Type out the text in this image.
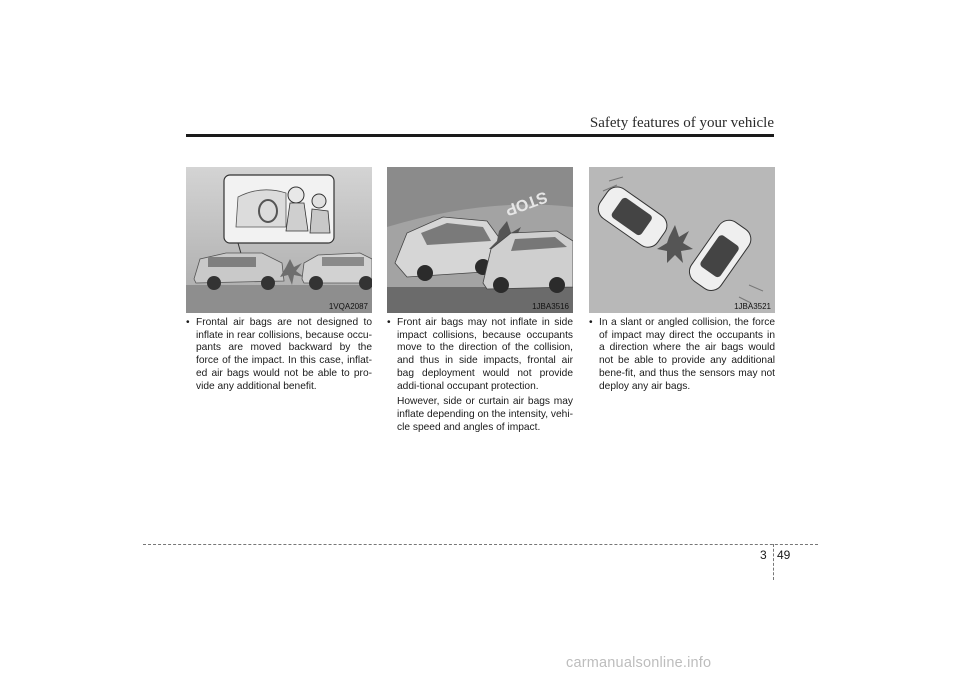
Safety features of your vehicle
1VQA2087
STOP
1JBA3516	1JBA3521

• Frontal air bags are not designed to inflate in rear collisions, because occu-pants are moved backward by the force of the impact. In this case, inflat-ed air bags would not be able to pro-vide any additional benefit.

• Front air bags may not inflate in side impact collisions, because occupants move to the direction of the collision, and thus in side impacts, frontal air bag deployment would not provide addi-tional occupant protection.

However, side or curtain air bags may inflate depending on the intensity, vehi-cle speed and angles of impact.

• In a slant or angled collision, the force of impact may direct the occupants in a direction where the air bags would not be able to provide any additional bene-fit, and thus the sensors may not deploy any air bags.

3 49
carmanualsonline.info
